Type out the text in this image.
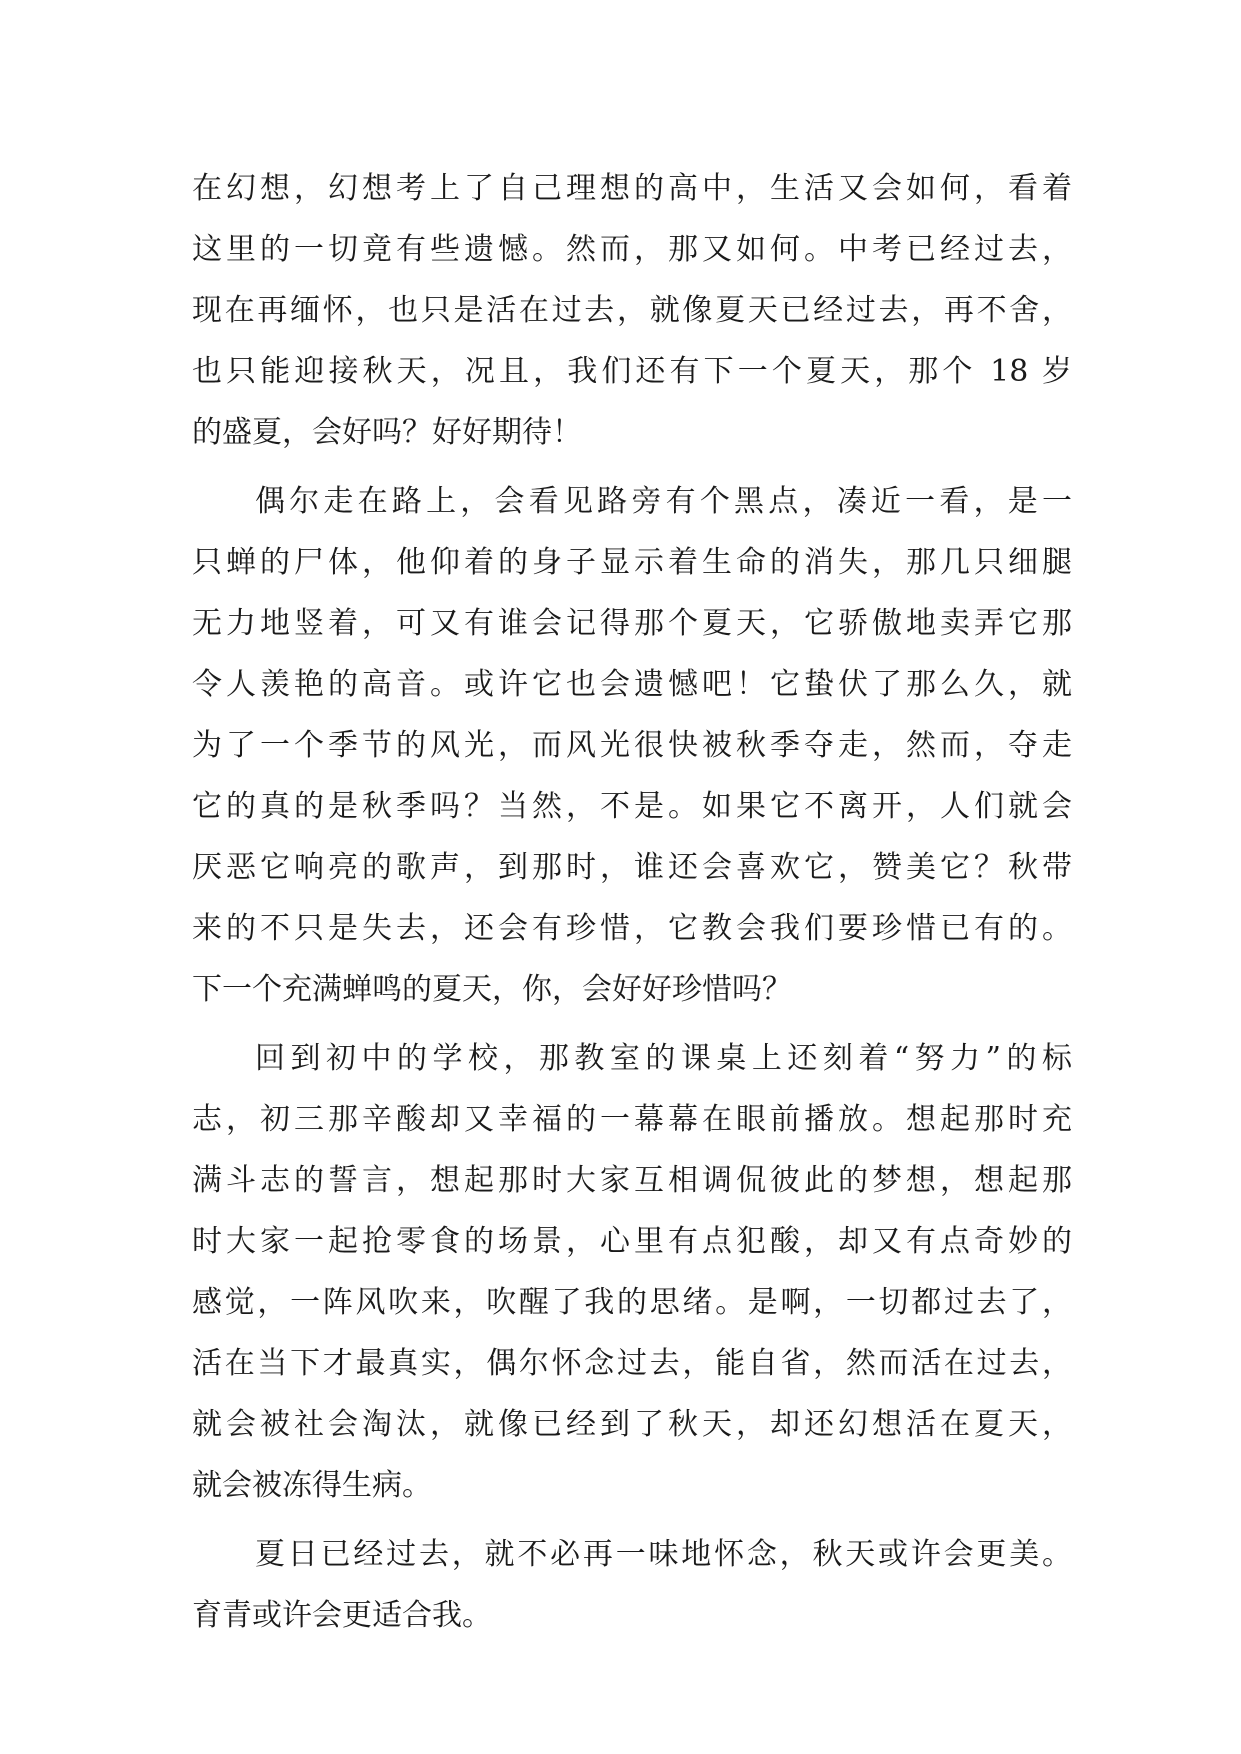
在幻想，幻想考上了自己理想的高中，生活又会如何，看着
这里的一切竟有些遗憾。然而，那又如何。中考已经过去，
现在再缅怀，也只是活在过去，就像夏天已经过去，再不舍，
也只能迎接秋天，况且，我们还有下一个夏天，那个 18 岁
的盛夏，会好吗？好好期待！
偶尔走在路上，会看见路旁有个黑点，凑近一看，是一
只蝉的尸体，他仰着的身子显示着生命的消失，那几只细腿
无力地竖着，可又有谁会记得那个夏天，它骄傲地卖弄它那
令人羡艳的高音。或许它也会遗憾吧！它蛰伏了那么久，就
为了一个季节的风光，而风光很快被秋季夺走，然而，夺走
它的真的是秋季吗？当然，不是。如果它不离开，人们就会
厌恶它响亮的歌声，到那时，谁还会喜欢它，赞美它？秋带
来的不只是失去，还会有珍惜，它教会我们要珍惜已有的。
下一个充满蝉鸣的夏天，你，会好好珍惜吗？
回到初中的学校，那教室的课桌上还刻着“努力”的标
志，初三那辛酸却又幸福的一幕幕在眼前播放。想起那时充
满斗志的誓言，想起那时大家互相调侃彼此的梦想，想起那
时大家一起抢零食的场景，心里有点犯酸，却又有点奇妙的
感觉，一阵风吹来，吹醒了我的思绪。是啊，一切都过去了，
活在当下才最真实，偶尔怀念过去，能自省，然而活在过去，
就会被社会淘汰，就像已经到了秋天，却还幻想活在夏天，
就会被冻得生病。
夏日已经过去，就不必再一味地怀念，秋天或许会更美。
育青或许会更适合我。
